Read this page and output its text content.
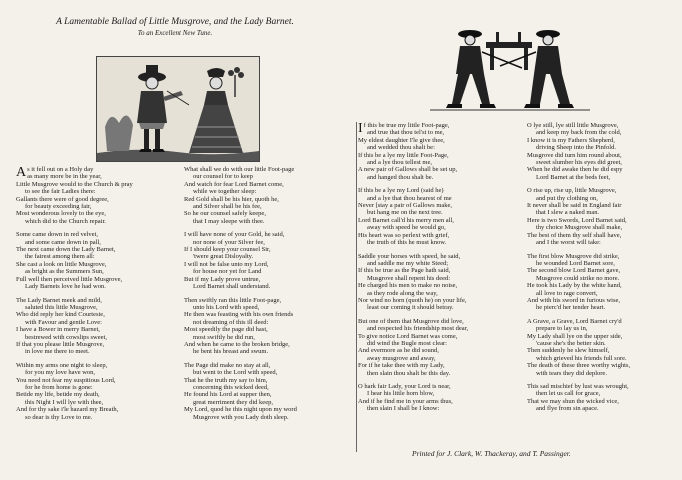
A Lamentable Ballad of Little Musgrove, and the Lady Barnet.
To an Excellent New Tune.
As it fell out on a Holy day
as many more be in the year,
Little Musgrove would to the Church & pray
to see the fair Ladies there:
Gallants there were of good degree,
for beauty exceeding fair,
Most wonderous lovely to the eye,
which did to the Church repair.
Some came down in red velvet,
and some came down in pall,
The next came down the Lady Barnet,
the fairest among them all:
She cast a look on little Musgrove,
as bright as the Summers Sun,
Full well then perceived little Musgrove,
Lady Barnets love he had won.
The Lady Barnet meek and mild,
saluted this little Musgrove,
Who did reply her kind Courtesie,
with Favour and gentle Love:
I have a Bower in merry Barnet,
bestrewed with cowslips sweet,
If that you please little Musgrove,
in love me there to meet.
Within my arms one night to sleep,
for you my love have won,
You need not fear my suspitious Lord,
for he from home is gone:
Betide my life, betide my death,
this Night I will lye with thee,
And for thy sake i'le hazard my Breath,
so dear is thy Love to me.
What shall we do with our little Foot-page
our counsel for to keep
And watch for fear Lord Barnet come,
while we together sleep:
Red Gold shall be his hier, quoth he,
and Silver shall be his fee,
So he our counsel safely keepe,
that I may sleepe with thee.
I will have none of your Gold, he said,
nor none of your Silver fee,
If I should keep your counsel Sir,
'twere great Disloyalty.
I will not be false unto my Lord,
for house nor yet for Land
But if my Lady prove untrue,
Lord Barnet shall understand.
Then swiftly ran this little Foot-page,
unto his Lord with speed,
He then was feasting with his own friends
not dreaming of this ill deed:
Most speedily the page did hast,
most swiftly he did run,
And when he came to the broken bridge,
he bent his breast and swum.
The Page did make no stay at all,
but went to the Lord with speed,
That he the truth my say to him,
concerning this wicked deed,
He found his Lord at supper then,
great merriment they did keep,
My Lord, quod he this night upon my word
Musgrove with you Lady doth sleep.
If this be true my little Foot-page,
and true that thou tel'st to me,
My eldest daughter I'le give thee,
and wedded thou shalt be:
If this be a lye my little Foot-Page,
and a lye thou tellest me,
A new pair of Gallows shall be set up,
and hanged thou shalt be.
If this be a lye my Lord (said he)
and a lye that thou hearest of me
Never [stay a pair of Gallows make,
but hang me on the next tree.
Lord Barnet call'd his merry men all,
away with speed he would go,
His heart was so perlext with grief,
the truth of this he must know.
Saddle your horses with speed, he said,
and saddle me my white Steed;
If this be true as the Page hath said,
Musgrove shall repent his deed:
He charged his men to make no noise,
as they rode along the way,
Nor wind no horn (quoth he) on your life,
least our coming it should betray.
But one of them that Musgrove did love,
and respected his friendship most dear,
To give notice Lord Barnet was come,
did wind the Bugle most clear:
And evermore as he did sound,
away musgrove and away,
For if he take thee with my Lady,
then slain thou shalt be this day.
O hark fair Lady, your Lord is near,
I hear his little horn blow,
And if he find me in your arms thus,
then slain I shall be I know:
O lye still, lye still little Musgrove,
and keep my back from the cold,
I know it is my Fathers Shepherd,
driving Sheep into the Pinfold.
Musgrove did turn him round about,
sweet slumber his eyes did greet,
When he did awake then he did espy
Lord Barnet at the beds feet,
O rise up, rise up, little Musgrove,
and put thy clothing on,
It never shall be said in England fair
that I slew a naked man.
Here is two Swords, Lord Barnet said,
thy choice Musgrove shall make,
The best of them thy self shall have,
and I the worst will take:
The first blow Musgrove did strike,
he wounded Lord Barnet sore,
The second blow Lord Barnet gave,
Musgrove could strike no more.
He took his Lady by the white hand,
all love to rage convert,
And with his sword in furious wise,
he pierc'd her tender heart.
A Grave, a Grave, Lord Barnet cry'd
prepare to lay us in,
My Lady shall lye on the upper side,
'cause she's the better skin.
Then suddenly he slew himself,
which grieved his friends full sore.
The death of these three worthy wights,
with tears they did deplore.
This sad mischief by lust was wrought,
then let us call for grace,
That we may shun the wicked vice,
and flye from sin apace.
Printed for J. Clark, W. Thackeray, and T. Passinger.
